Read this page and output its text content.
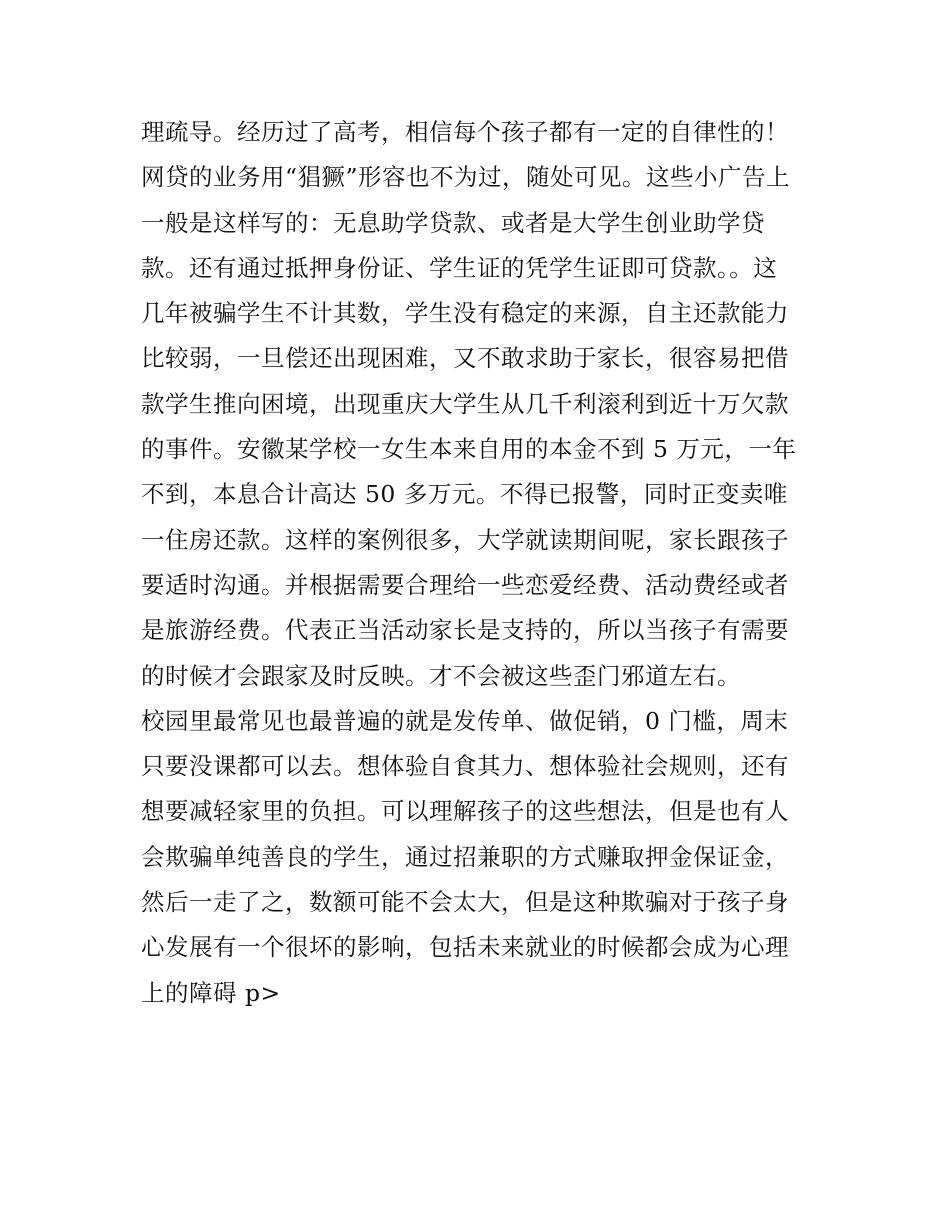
理疏导。经历过了高考，相信每个孩子都有一定的自律性的！
网贷的业务用“猖獗”形容也不为过，随处可见。这些小广告上
一般是这样写的：无息助学贷款、或者是大学生创业助学贷
款。还有通过抵押身份证、学生证的凭学生证即可贷款。。这
几年被骗学生不计其数，学生没有稳定的来源，自主还款能力
比较弱，一旦偿还出现困难，又不敢求助于家长，很容易把借
款学生推向困境，出现重庆大学生从几千利滚利到近十万欠款
的事件。安徽某学校一女生本来自用的本金不到 5 万元，一年
不到，本息合计高达 50 多万元。不得已报警，同时正变卖唯
一住房还款。这样的案例很多，大学就读期间呢，家长跟孩子
要适时沟通。并根据需要合理给一些恋爱经费、活动费经或者
是旅游经费。代表正当活动家长是支持的，所以当孩子有需要
的时候才会跟家及时反映。才不会被这些歪门邪道左右。
校园里最常见也最普遍的就是发传单、做促销，0 门槛，周末
只要没课都可以去。想体验自食其力、想体验社会规则，还有
想要减轻家里的负担。可以理解孩子的这些想法，但是也有人
会欺骗单纯善良的学生，通过招兼职的方式赚取押金保证金，
然后一走了之，数额可能不会太大，但是这种欺骗对于孩子身
心发展有一个很坏的影响，包括未来就业的时候都会成为心理
上的障碍 p>
